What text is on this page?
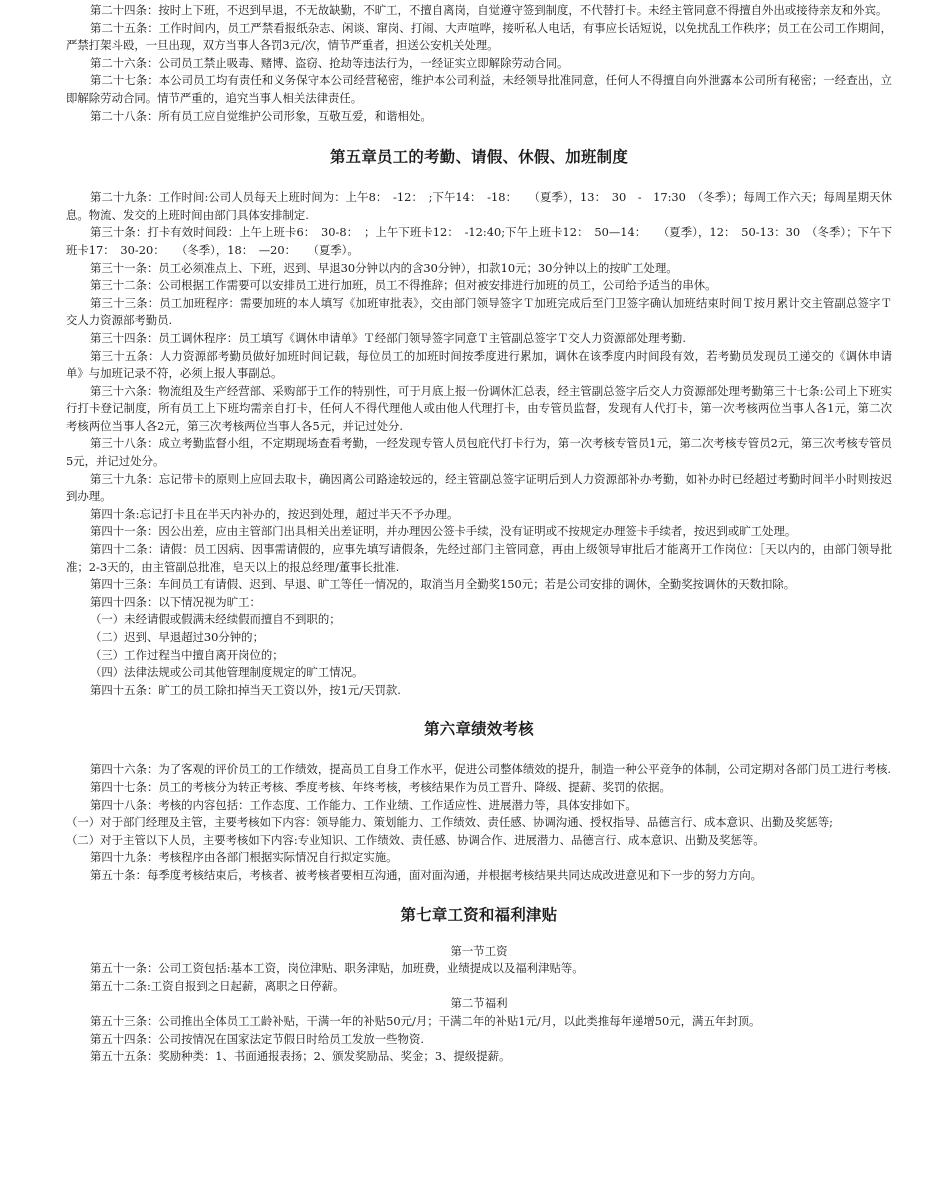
第二十四条：按时上下班，不迟到早退，不无故缺勤，不旷工，不擅自离岗，自觉遵守签到制度，不代替打卡。未经主管同意不得擅自外出或接待亲友和外宾。

第二十五条：工作时间内，员工严禁看报纸杂志、闲谈、窜岗、打闹、大声喧哗，接听私人电话，有事应长话短说，以免扰乱工作秩序；员工在公司工作期间，严禁打架斗殴，一旦出现，双方当事人各罚3元/次，情节严重者，担送公安机关处理。

第二十六条：公司员工禁止吸毒、赌博、盗窃、抢劫等违法行为，一经证实立即解除劳动合同。

第二十七条：本公司员工均有责任和义务保守本公司经营秘密，维护本公司利益，未经领导批准同意，任何人不得擅自向外泄露本公司所有秘密；一经查出，立即解除劳动合同。情节严重的，追究当事人相关法律责任。

第二十八条：所有员工应自觉维护公司形象，互敬互爱，和谐相处。

第五章员工的考勤、请假、休假、加班制度

第二十九条：工作时间:公司人员每天上班时间为：上午8：　-12：　;下午14：　-18：　　（夏季），13：　30　-　17:30　（冬季）；每周工作六天；每周星期天休息。物流、发交的上班时间由部门具体安排制定.

第三十条：打卡有效时间段：上午上班卡6：　30-8：　；上午下班卡12：　-12:40;下午上班卡12：　50—14：　　（夏季），12：　50-13：30　（冬季）；下午下班卡17：　30-20：　　（冬季），18：　—20：　　（夏季）。

第三十一条：员工必须准点上、下班，迟到、早退30分钟以内的含30分钟），扣款10元；30分钟以上的按旷工处理。

第三十二条：公司根据工作需要可以安排员工进行加班，员工不得推辞；但对被安排进行加班的员工，公司给予适当的串休。

第三十三条：员工加班程序：需要加班的本人填写《加班审批表》，交由部门领导签字Ｔ加班完成后至门卫签字确认加班结束时间Ｔ按月累计交主管副总签字Ｔ交人力资源部考勤员.

第三十四条：员工调休程序：员工填写《调休申请单》Ｔ经部门领导签字同意Ｔ主管副总签字Ｔ交人力资源部处理考勤.

第三十五条：人力资源部考勤员做好加班时间记载，每位员工的加班时间按季度进行累加，调休在该季度内时间段有效，若考勤员发现员工递交的《调休申请单》与加班记录不符，必须上报人事副总。

第三十六条：物流组及生产经营部、采购部于工作的特别性，可于月底上报一份调休汇总表，经主管副总签字后交人力资源部处理考勤第三十七条:公司上下班实行打卡登记制度，所有员工上下班均需亲自打卡，任何人不得代理他人或由他人代理打卡，由专管员监督，发现有人代打卡，第一次考核两位当事人各1元，第二次考核两位当事人各2元，第三次考核两位当事人各5元，并记过处分.

第三十八条：成立考勤监督小组，不定期现场查看考勤，一经发现专管人员包庇代打卡行为，第一次考核专管员1元，第二次考核专管员2元，第三次考核专管员5元，并记过处分。

第三十九条：忘记带卡的原则上应回去取卡，确因离公司路途较远的，经主管副总签字证明后到人力资源部补办考勤，如补办时已经超过考勤时间半小时则按迟到办理。

第四十条:忘记打卡且在半天内补办的，按迟到处理，超过半天不予办理。

第四十一条：因公出差，应由主管部门出具相关出差证明，并办理因公签卡手续，没有证明或不按规定办理签卡手续者，按迟到或旷工处理。

第四十二条：请假：员工因病、因事需请假的，应事先填写请假条，先经过部门主管同意，再由上级领导审批后才能离开工作岗位：［天以内的，由部门领导批准；2-3天的，由主管副总批准，皂天以上的报总经理/董事长批准.

第四十三条：车间员工有请假、迟到、早退、旷工等任一情况的，取消当月全勤奖150元；若是公司安排的调休，全勤奖按调休的天数扣除。

第四十四条：以下情况视为旷工：

（一）未经请假或假满未经续假而擅自不到职的；

（二）迟到、早退超过30分钟的；

（三）工作过程当中擅自离开岗位的；

（四）法律法规或公司其他管理制度规定的旷工情况。

第四十五条：旷工的员工除扣掉当天工资以外，按1元/天罚款.

第六章绩效考核

第四十六条：为了客观的评价员工的工作绩效，提高员工自身工作水平，促进公司整体绩效的提升，制造一种公平竞争的体制，公司定期对各部门员工进行考核.

第四十七条：员工的考核分为转正考核、季度考核、年终考核，考核结果作为员工晋升、降级、提薪、奖罚的依据。

第四十八条：考核的内容包括：工作态度、工作能力、工作业绩、工作适应性、进展潜力等，具体安排如下。

（一）对于部门经理及主管，主要考核如下内容：领导能力、策划能力、工作绩效、责任感、协调沟通、授权指导、品德言行、成本意识、出勤及奖惩等;

（二）对于主管以下人员，主要考核如下内容:专业知识、工作绩效、责任感、协调合作、进展潜力、品德言行、成本意识、出勤及奖惩等。

第四十九条：考核程序由各部门根据实际情况自行拟定实施。

第五十条：每季度考核结束后，考核者、被考核者要相互沟通，面对面沟通，并根据考核结果共同达成改进意见和下一步的努力方向。

第七章工资和福利津贴
第一节工资

第五十一条：公司工资包括:基本工资，岗位津贴、职务津贴，加班费，业绩提成以及福利津贴等。

第五十二条:工资自报到之日起薪，离职之日停薪。

第二节福利

第五十三条：公司推出全体员工工龄补贴，干满一年的补贴50元/月；干满二年的补贴1元/月，以此类推每年递增50元，满五年封顶。

第五十四条：公司按情况在国家法定节假日时给员工发放一些物资.

第五十五条：奖励种类：1、书面通报表扬；2、颁发奖励品、奖金；3、提级提薪。
